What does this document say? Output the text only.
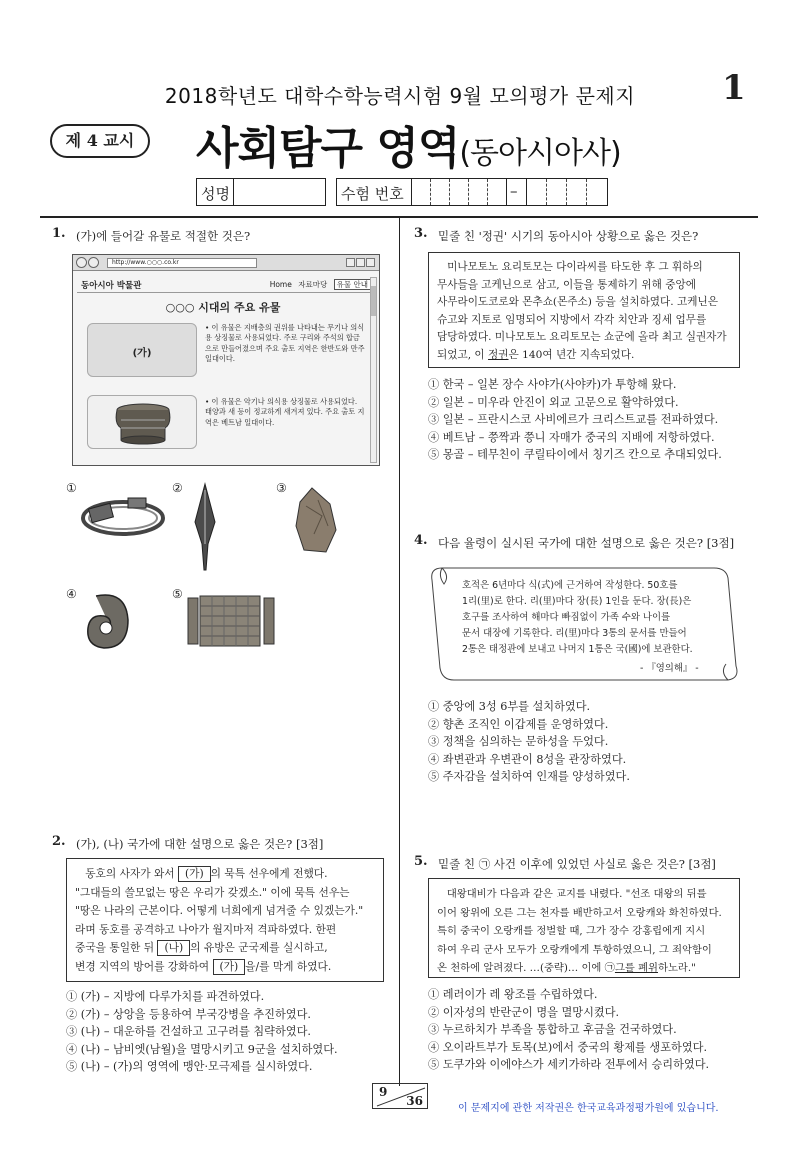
2018학년도 대학수학능력시험 9월 모의평가 문제지	1
제 4 교시	사회탐구 영역(동아시아사)
성명	수험 번호	–
1. (가)에 들어갈 유물로 적절한 것은?
http://www.○○○.co.kr
동아시아 박물관	Home 자료마당 유물 안내
○○○ 시대의 주요 유물
(가)
• 이 유물은 지배층의 권위를 나타내는 무기나 의식용 상징물로 사용되었다. 주로 구리와 주석의 합금으로 만들어졌으며 주요 출토 지역은 한반도와 만주 일대이다.
• 이 유물은 악기나 의식용 상징물로 사용되었다. 태양과 새 등이 정교하게 새겨져 있다. 주요 출토 지역은 베트남 일대이다.
①	②	③
④	⑤
2. (가), (나) 국가에 대한 설명으로 옳은 것은? [3점]
동호의 사자가 와서 (가) 의 묵특 선우에게 전했다.
"그대들의 쓸모없는 땅은 우리가 갖겠소." 이에 묵특 선우는
"땅은 나라의 근본이다. 어떻게 너희에게 넘겨줄 수 있겠는가."
라며 동호를 공격하고 나아가 월지마저 격파하였다. 한편
중국을 통일한 뒤 (나) 의 유방은 군국제를 실시하고,
변경 지역의 방어를 강화하여 (가) 을/를 막게 하였다.
① (가) – 지방에 다루가치를 파견하였다.
② (가) – 상앙을 등용하여 부국강병을 추진하였다.
③ (나) – 대운하를 건설하고 고구려를 침략하였다.
④ (나) – 남비엣(남월)을 멸망시키고 9군을 설치하였다.
⑤ (나) – (가)의 영역에 맹안·모극제를 실시하였다.
3. 밑줄 친 '정권' 시기의 동아시아 상황으로 옳은 것은?
미나모토노 요리토모는 다이라씨를 타도한 후 그 휘하의
무사들을 고케닌으로 삼고, 이들을 통제하기 위해 중앙에
사무라이도코로와 몬추쇼(몬주소) 등을 설치하였다. 고케닌은
슈고와 지토로 임명되어 지방에서 각각 치안과 징세 업무를
담당하였다. 미나모토노 요리토모는 쇼군에 올라 최고 실권자가
되었고, 이 정권은 140여 년간 지속되었다.
① 한국 – 일본 장수 사야가(사야카)가 투항해 왔다.
② 일본 – 미우라 안진이 외교 고문으로 활약하였다.
③ 일본 – 프란시스코 사비에르가 크리스트교를 전파하였다.
④ 베트남 – 쯩짝과 쯩니 자매가 중국의 지배에 저항하였다.
⑤ 몽골 – 테무친이 쿠릴타이에서 칭기즈 칸으로 추대되었다.
4. 다음 율령이 실시된 국가에 대한 설명으로 옳은 것은? [3점]
호적은 6년마다 식(式)에 근거하여 작성한다. 50호를
1리(里)로 한다. 리(里)마다 장(長) 1인을 둔다. 장(長)은
호구를 조사하여 해마다 빠짐없이 가족 수와 나이를
문서 대장에 기록한다. 리(里)마다 3통의 문서를 만들어
2통은 태정관에 보내고 나머지 1통은 국(國)에 보관한다.
- 『영의해』 -
① 중앙에 3성 6부를 설치하였다.
② 향촌 조직인 이갑제를 운영하였다.
③ 정책을 심의하는 문하성을 두었다.
④ 좌변관과 우변관이 8성을 관장하였다.
⑤ 주자감을 설치하여 인재를 양성하였다.
5. 밑줄 친 ㉠ 사건 이후에 있었던 사실로 옳은 것은? [3점]
대왕대비가 다음과 같은 교지를 내렸다. "선조 대왕의 뒤를
이어 왕위에 오른 그는 천자를 배반하고서 오랑캐와 화친하였다.
특히 중국이 오랑캐를 정벌할 때, 그가 장수 강홍립에게 지시
하여 우리 군사 모두가 오랑캐에게 투항하였으니, 그 죄악함이
온 천하에 알려졌다. …(중략)… 이에 ㉠그를 폐위하노라."
① 레러이가 레 왕조를 수립하였다.
② 이자성의 반란군이 명을 멸망시켰다.
③ 누르하치가 부족을 통합하고 후금을 건국하였다.
④ 오이라트부가 토목(보)에서 중국의 황제를 생포하였다.
⑤ 도쿠가와 이에야스가 세키가하라 전투에서 승리하였다.
9
36
이 문제지에 관한 저작권은 한국교육과정평가원에 있습니다.
